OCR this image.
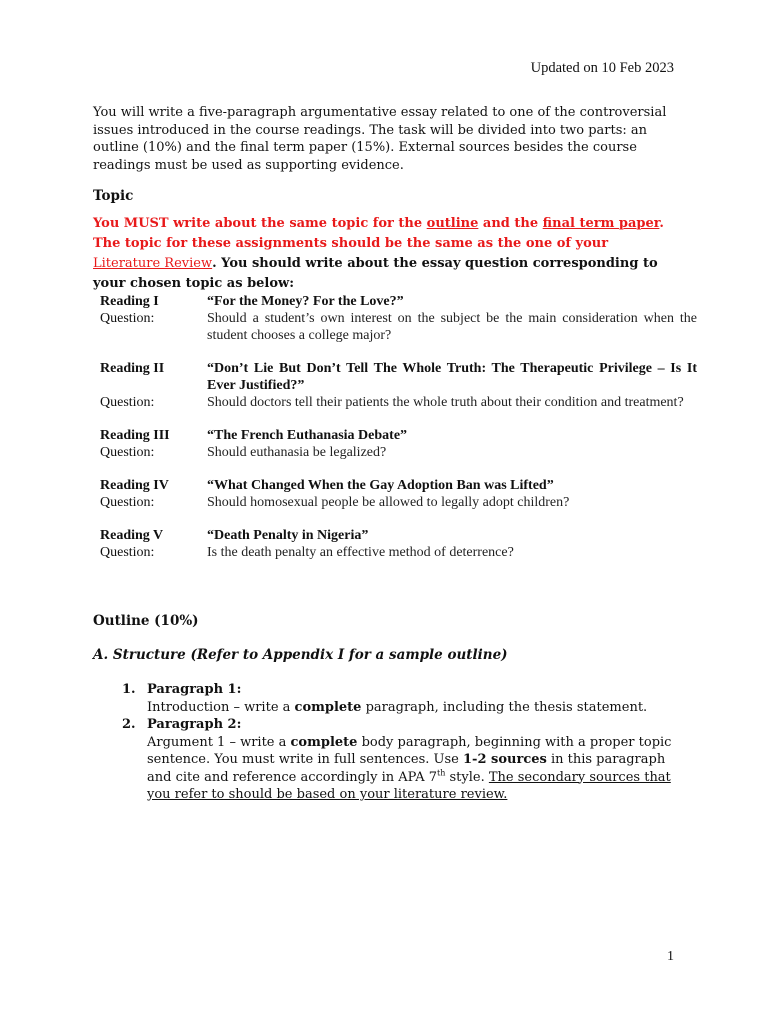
Updated on 10 Feb 2023

You will write a five-paragraph argumentative essay related to one of the controversial issues introduced in the course readings. The task will be divided into two parts: an outline (10%) and the final term paper (15%). External sources besides the course readings must be used as supporting evidence.

Topic

You MUST write about the same topic for the outline and the final term paper. The topic for these assignments should be the same as the one of your Literature Review. You should write about the essay question corresponding to your chosen topic as below:

Reading I	“For the Money? For the Love?”
Question:	Should a student’s own interest on the subject be the main consideration when the student chooses a college major?
Reading II	“Don’t Lie But Don’t Tell The Whole Truth: The Therapeutic Privilege – Is It Ever Justified?”
Question:	Should doctors tell their patients the whole truth about their condition and treatment?
Reading III	“The French Euthanasia Debate”
Question:	Should euthanasia be legalized?
Reading IV	“What Changed When the Gay Adoption Ban was Lifted”
Question:	Should homosexual people be allowed to legally adopt children?
Reading V	“Death Penalty in Nigeria”
Question:	Is the death penalty an effective method of deterrence?

Outline (10%)

A. Structure (Refer to Appendix I for a sample outline)

1. Paragraph 1:
Introduction – write a complete paragraph, including the thesis statement.
2. Paragraph 2:
Argument 1 – write a complete body paragraph, beginning with a proper topic sentence. You must write in full sentences. Use 1-2 sources in this paragraph and cite and reference accordingly in APA 7th style. The secondary sources that you refer to should be based on your literature review.
1
